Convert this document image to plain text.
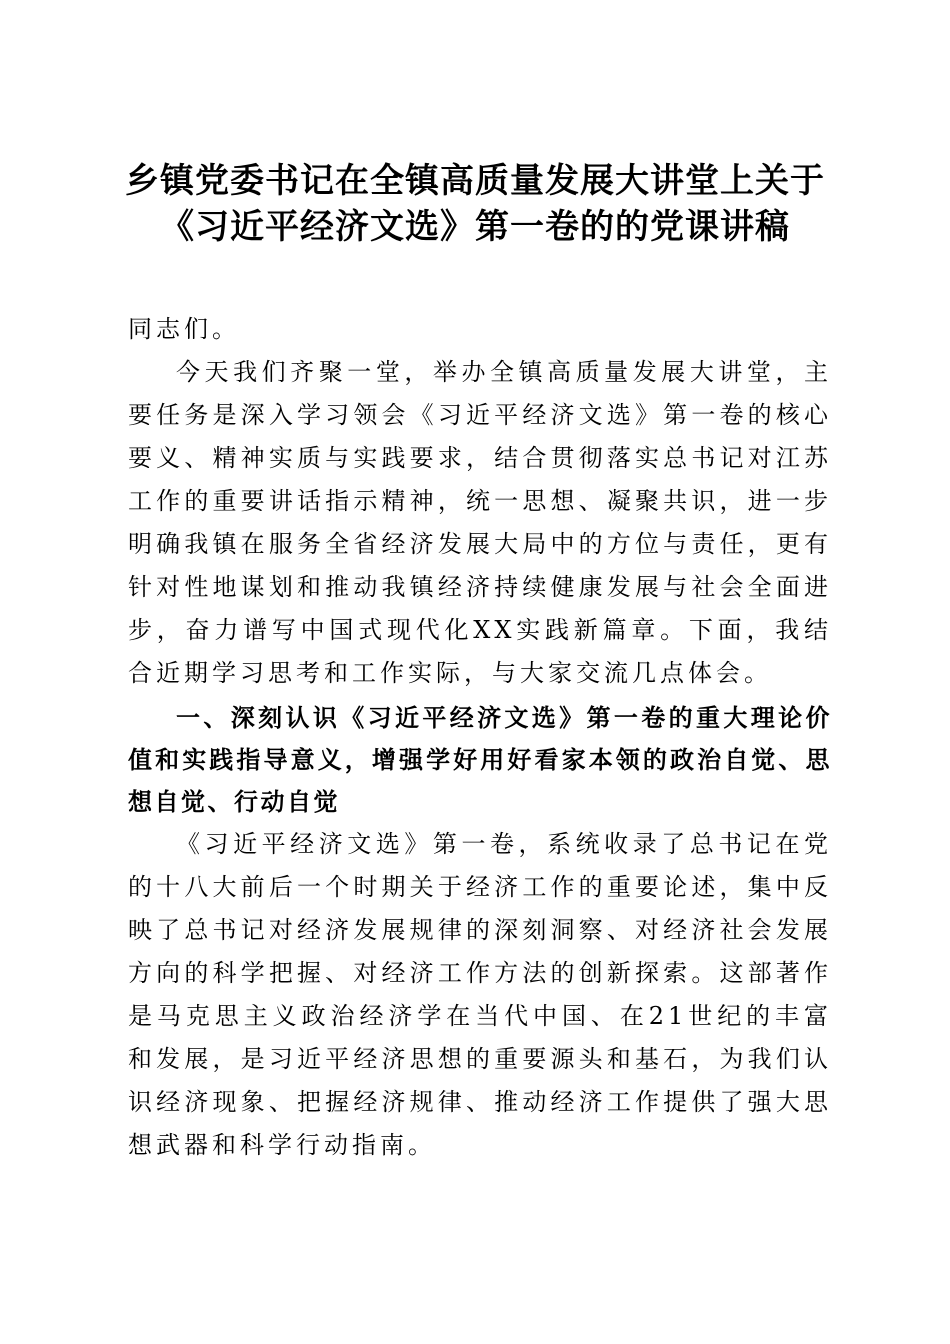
乡镇党委书记在全镇高质量发展大讲堂上关于
《习近平经济文选》第一卷的的党课讲稿

同志们。

今天我们齐聚一堂，举办全镇高质量发展大讲堂，主要任务是深入学习领会《习近平经济文选》第一卷的核心要义、精神实质与实践要求，结合贯彻落实总书记对江苏工作的重要讲话指示精神，统一思想、凝聚共识，进一步明确我镇在服务全省经济发展大局中的方位与责任，更有针对性地谋划和推动我镇经济持续健康发展与社会全面进步，奋力谱写中国式现代化XX实践新篇章。下面，我结合近期学习思考和工作实际，与大家交流几点体会。

一、深刻认识《习近平经济文选》第一卷的重大理论价值和实践指导意义，增强学好用好看家本领的政治自觉、思想自觉、行动自觉

《习近平经济文选》第一卷，系统收录了总书记在党的十八大前后一个时期关于经济工作的重要论述，集中反映了总书记对经济发展规律的深刻洞察、对经济社会发展方向的科学把握、对经济工作方法的创新探索。这部著作是马克思主义政治经济学在当代中国、在21世纪的丰富和发展，是习近平经济思想的重要源头和基石，为我们认识经济现象、把握经济规律、推动经济工作提供了强大思想武器和科学行动指南。
